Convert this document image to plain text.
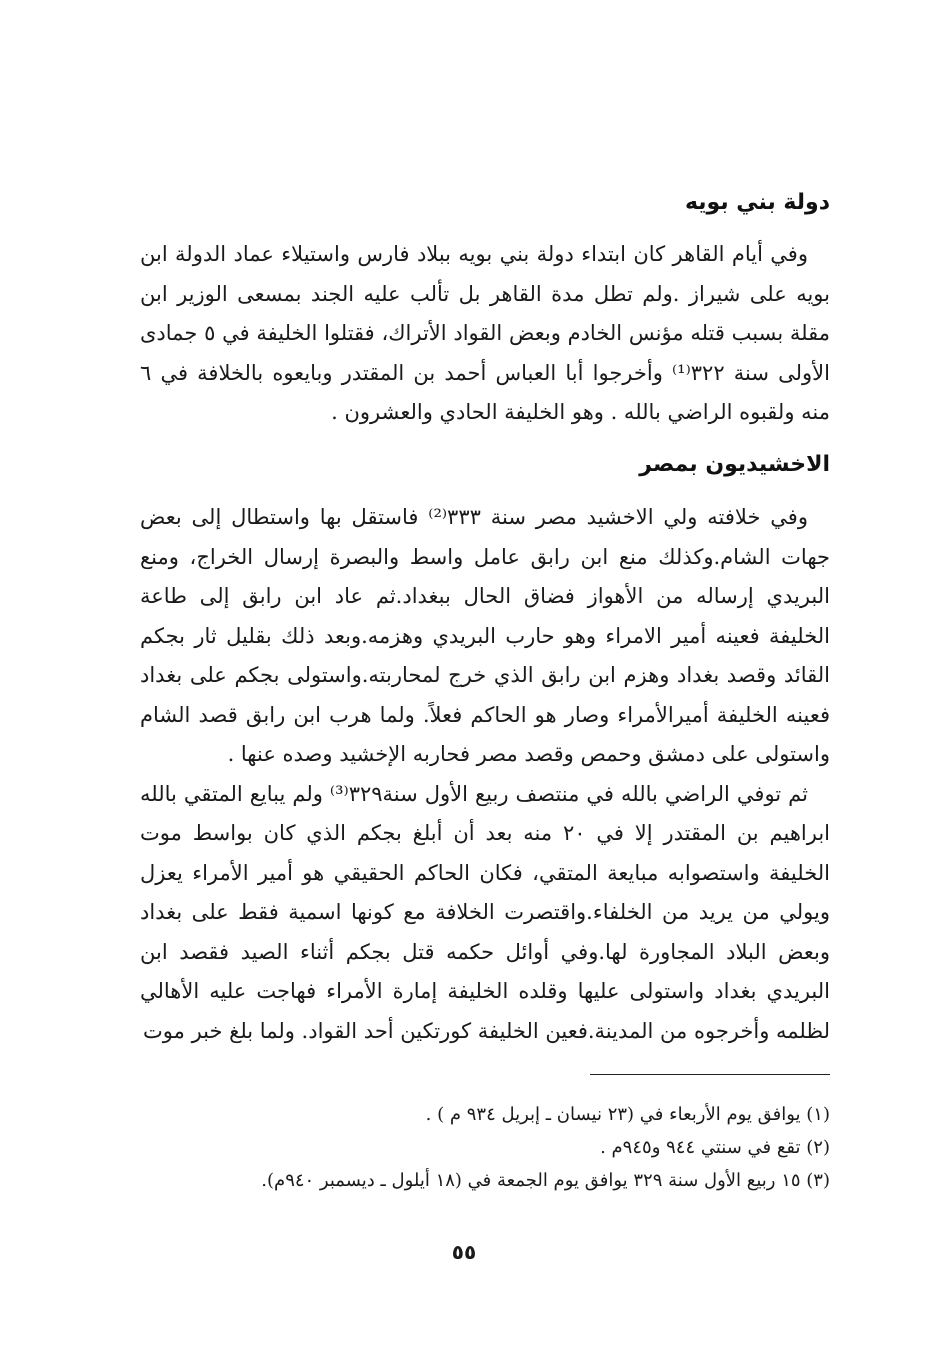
دولة بني بويه

وفي أيام القاهر كان ابتداء دولة بني بويه ببلاد فارس واستيلاء عماد الدولة ابن بويه على شيراز .ولم تطل مدة القاهر بل تألب عليه الجند بمسعى الوزير ابن مقلة بسبب قتله مؤنس الخادم وبعض القواد الأتراك، فقتلوا الخليفة في ٥ جمادى الأولى سنة ٣٢٢⁽¹⁾ وأخرجوا أبا العباس أحمد بن المقتدر وبايعوه بالخلافة في ٦ منه ولقبوه الراضي بالله . وهو الخليفة الحادي والعشرون .

الاخشيديون بمصر

وفي خلافته ولي الاخشيد مصر سنة ٣٣٣⁽²⁾ فاستقل بها واستطال إلى بعض جهات الشام.وكذلك منع ابن رابق عامل واسط والبصرة إرسال الخراج، ومنع البريدي إرساله من الأهواز فضاق الحال ببغداد.ثم عاد ابن رابق إلى طاعة الخليفة فعينه أمير الامراء وهو حارب البريدي وهزمه.وبعد ذلك بقليل ثار بجكم القائد وقصد بغداد وهزم ابن رابق الذي خرج لمحاربته.واستولى بجكم على بغداد فعينه الخليفة أميرالأمراء وصار هو الحاكم فعلاً. ولما هرب ابن رابق قصد الشام واستولى على دمشق وحمص وقصد مصر فحاربه الإخشيد وصده عنها .

ثم توفي الراضي بالله في منتصف ربيع الأول سنة٣٢٩⁽³⁾ ولم يبايع المتقي بالله ابراهيم بن المقتدر إلا في ٢٠ منه بعد أن أبلغ بجكم الذي كان بواسط موت الخليفة واستصوابه مبايعة المتقي، فكان الحاكم الحقيقي هو أمير الأمراء يعزل ويولي من يريد من الخلفاء.واقتصرت الخلافة مع كونها اسمية فقط على بغداد وبعض البلاد المجاورة لها.وفي أوائل حكمه قتل بجكم أثناء الصيد فقصد ابن البريدي بغداد واستولى عليها وقلده الخليفة إمارة الأمراء فهاجت عليه الأهالي لظلمه وأخرجوه من المدينة.فعين الخليفة كورتكين أحد القواد. ولما بلغ خبر موت

(١) يوافق يوم الأربعاء في (٢٣ نيسان ـ إبريل ٩٣٤ م ) .

(٢) تقع في سنتي ٩٤٤ و٩٤٥م .

(٣) ١٥ ربيع الأول سنة ٣٢٩ يوافق يوم الجمعة في (١٨ أيلول ـ ديسمبر ٩٤٠م).

٥٥
